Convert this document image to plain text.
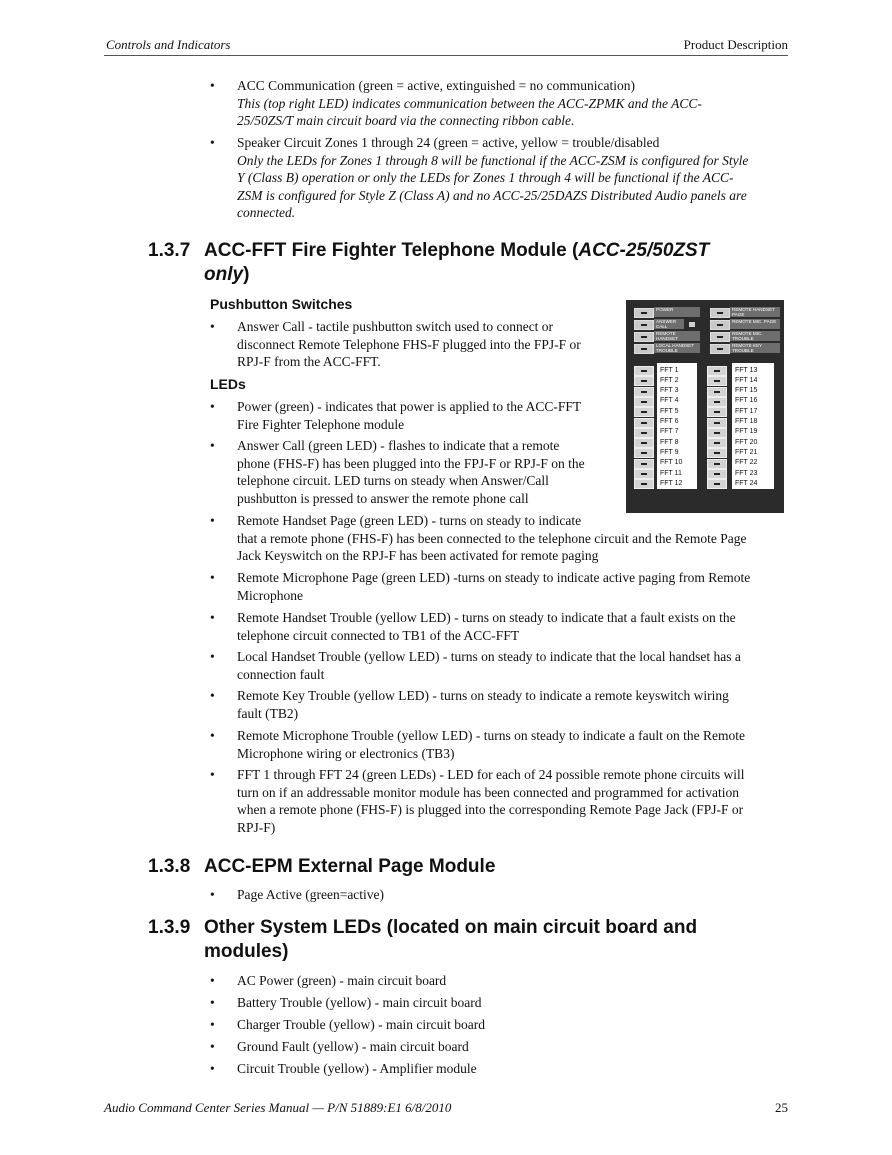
Controls and Indicators	Product Description
• ACC Communication (green = active, extinguished = no communication)
This (top right LED) indicates communication between the ACC-ZPMK and the ACC-
25/50ZS/T main circuit board via the connecting ribbon cable.
• Speaker Circuit Zones 1 through 24 (green = active, yellow = trouble/disabled
Only the LEDs for Zones 1 through 8 will be functional if the ACC-ZSM is configured for Style
Y (Class B) operation or only the LEDs for Zones 1 through 4 will be functional if the ACC-
ZSM is configured for Style Z (Class A) and no ACC-25/25DAZS Distributed Audio panels are
connected.
1.3.7 ACC-FFT Fire Fighter Telephone Module (ACC-25/50ZST
only)
Pushbutton Switches
• Answer Call - tactile pushbutton switch used to connect or
disconnect Remote Telephone FHS-F plugged into the FPJ-F or
RPJ-F from the ACC-FFT.
LEDs
• Power (green) - indicates that power is applied to the ACC-FFT
Fire Fighter Telephone module
• Answer Call (green LED) - flashes to indicate that a remote
phone (FHS-F) has been plugged into the FPJ-F or RPJ-F on the
telephone circuit. LED turns on steady when Answer/Call
pushbutton is pressed to answer the remote phone call
• Remote Handset Page (green LED) - turns on steady to indicate
that a remote phone (FHS-F) has been connected to the telephone circuit and the Remote Page
Jack Keyswitch on the RPJ-F has been activated for remote paging
• Remote Microphone Page (green LED) -turns on steady to indicate active paging from Remote
Microphone
• Remote Handset Trouble (yellow LED) - turns on steady to indicate that a fault exists on the
telephone circuit connected to TB1 of the ACC-FFT
• Local Handset Trouble (yellow LED) - turns on steady to indicate that the local handset has a
connection fault
• Remote Key Trouble (yellow LED) - turns on steady to indicate a remote keyswitch wiring
fault (TB2)
• Remote Microphone Trouble (yellow LED) - turns on steady to indicate a fault on the Remote
Microphone wiring or electronics (TB3)
• FFT 1 through FFT 24 (green LEDs) - LED for each of 24 possible remote phone circuits will
turn on if an addressable monitor module has been connected and programmed for activation
when a remote phone (FHS-F) is plugged into the corresponding Remote Page Jack (FPJ-F or
RPJ-F)
POWER
ANSWER CALL
REMOTE HANDSET
LOCAL HANDSET TROUBLE
REMOTE HANDSET PAGE
REMOTE MIC. PAGE
REMOTE MIC. TROUBLE
REMOTE KEY TROUBLE
FFT 1
FFT 2
FFT 3
FFT 4
FFT 5
FFT 6
FFT 7
FFT 8
FFT 9
FFT 10
FFT 11
FFT 12
FFT 13
FFT 14
FFT 15
FFT 16
FFT 17
FFT 18
FFT 19
FFT 20
FFT 21
FFT 22
FFT 23
FFT 24
1.3.8 ACC-EPM External Page Module
• Page Active (green=active)
1.3.9 Other System LEDs (located on main circuit board and
modules)
• AC Power (green) - main circuit board
• Battery Trouble (yellow) - main circuit board
• Charger Trouble (yellow) - main circuit board
• Ground Fault (yellow) - main circuit board
• Circuit Trouble (yellow) - Amplifier module
Audio Command Center Series Manual — P/N 51889:E1 6/8/2010	25
